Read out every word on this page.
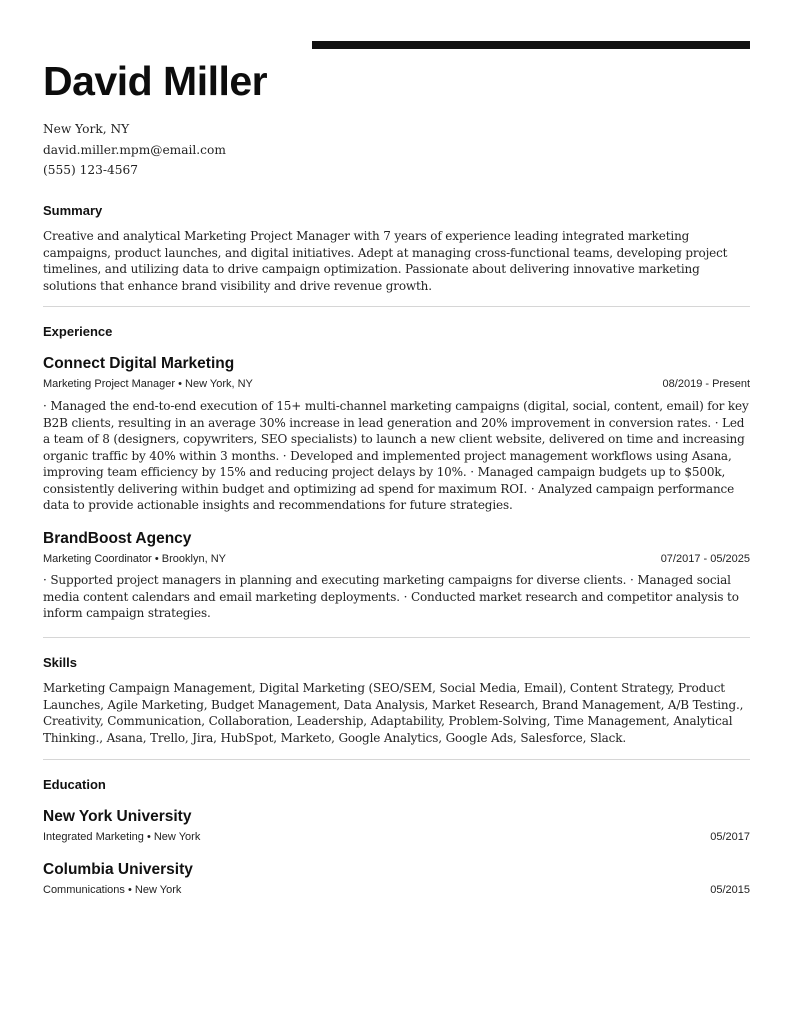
David Miller
New York, NY
david.miller.mpm@email.com
(555) 123-4567
Summary

Creative and analytical Marketing Project Manager with 7 years of experience leading integrated marketing campaigns, product launches, and digital initiatives. Adept at managing cross-functional teams, developing project timelines, and utilizing data to drive campaign optimization. Passionate about delivering innovative marketing solutions that enhance brand visibility and drive revenue growth.

Experience
Connect Digital Marketing
Marketing Project Manager • New York, NY	08/2019 - Present

· Managed the end-to-end execution of 15+ multi-channel marketing campaigns (digital, social, content, email) for key B2B clients, resulting in an average 30% increase in lead generation and 20% improvement in conversion rates. · Led a team of 8 (designers, copywriters, SEO specialists) to launch a new client website, delivered on time and increasing organic traffic by 40% within 3 months. · Developed and implemented project management workflows using Asana, improving team efficiency by 15% and reducing project delays by 10%. · Managed campaign budgets up to $500k, consistently delivering within budget and optimizing ad spend for maximum ROI. · Analyzed campaign performance data to provide actionable insights and recommendations for future strategies.

BrandBoost Agency
Marketing Coordinator • Brooklyn, NY	07/2017 - 05/2025

· Supported project managers in planning and executing marketing campaigns for diverse clients. · Managed social media content calendars and email marketing deployments. · Conducted market research and competitor analysis to inform campaign strategies.

Skills

Marketing Campaign Management, Digital Marketing (SEO/SEM, Social Media, Email), Content Strategy, Product Launches, Agile Marketing, Budget Management, Data Analysis, Market Research, Brand Management, A/B Testing., Creativity, Communication, Collaboration, Leadership, Adaptability, Problem-Solving, Time Management, Analytical Thinking., Asana, Trello, Jira, HubSpot, Marketo, Google Analytics, Google Ads, Salesforce, Slack.

Education
New York University
Integrated Marketing • New York	05/2017
Columbia University
Communications • New York	05/2015
